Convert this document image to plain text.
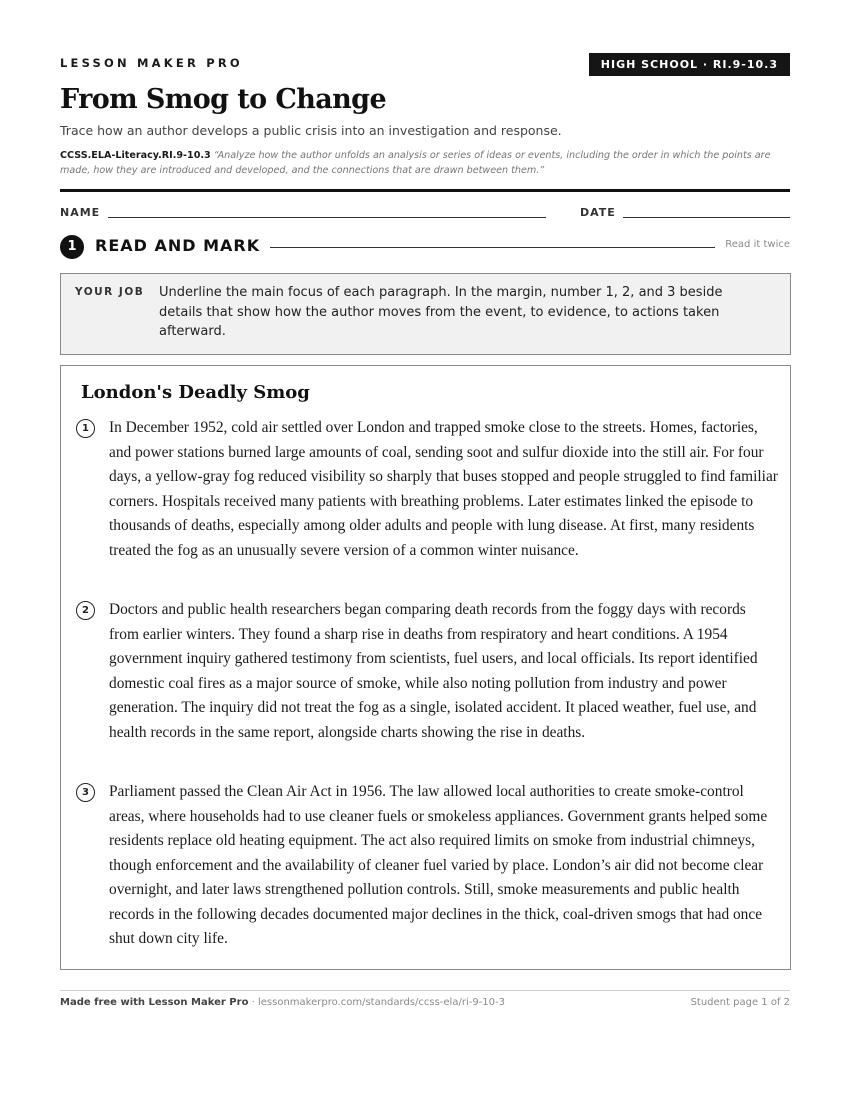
LESSON MAKER PRO	HIGH SCHOOL · RI.9-10.3
From Smog to Change
Trace how an author develops a public crisis into an investigation and response.
CCSS.ELA-Literacy.RI.9-10.3 “Analyze how the author unfolds an analysis or series of ideas or events, including the order in which the points are made, how they are introduced and developed, and the connections that are drawn between them.”
NAME	DATE
1	READ AND MARK	Read it twice
YOUR JOB Underline the main focus of each paragraph. In the margin, number 1, 2, and 3 beside details that show how the author moves from the event, to evidence, to actions taken afterward.
London's Deadly Smog
1	In December 1952, cold air settled over London and trapped smoke close to the streets. Homes, factories, and power stations burned large amounts of coal, sending soot and sulfur dioxide into the still air. For four days, a yellow-gray fog reduced visibility so sharply that buses stopped and people struggled to find familiar corners. Hospitals received many patients with breathing problems. Later estimates linked the episode to thousands of deaths, especially among older adults and people with lung disease. At first, many residents treated the fog as an unusually severe version of a common winter nuisance.

2	Doctors and public health researchers began comparing death records from the foggy days with records from earlier winters. They found a sharp rise in deaths from respiratory and heart conditions. A 1954 government inquiry gathered testimony from scientists, fuel users, and local officials. Its report identified domestic coal fires as a major source of smoke, while also noting pollution from industry and power generation. The inquiry did not treat the fog as a single, isolated accident. It placed weather, fuel use, and health records in the same report, alongside charts showing the rise in deaths.

3	Parliament passed the Clean Air Act in 1956. The law allowed local authorities to create smoke-control areas, where households had to use cleaner fuels or smokeless appliances. Government grants helped some residents replace old heating equipment. The act also required limits on smoke from industrial chimneys, though enforcement and the availability of cleaner fuel varied by place. London’s air did not become clear overnight, and later laws strengthened pollution controls. Still, smoke measurements and public health records in the following decades documented major declines in the thick, coal-driven smogs that had once shut down city life.

Made free with Lesson Maker Pro · lessonmakerpro.com/standards/ccss-ela/ri-9-10-3	Student page 1 of 2
